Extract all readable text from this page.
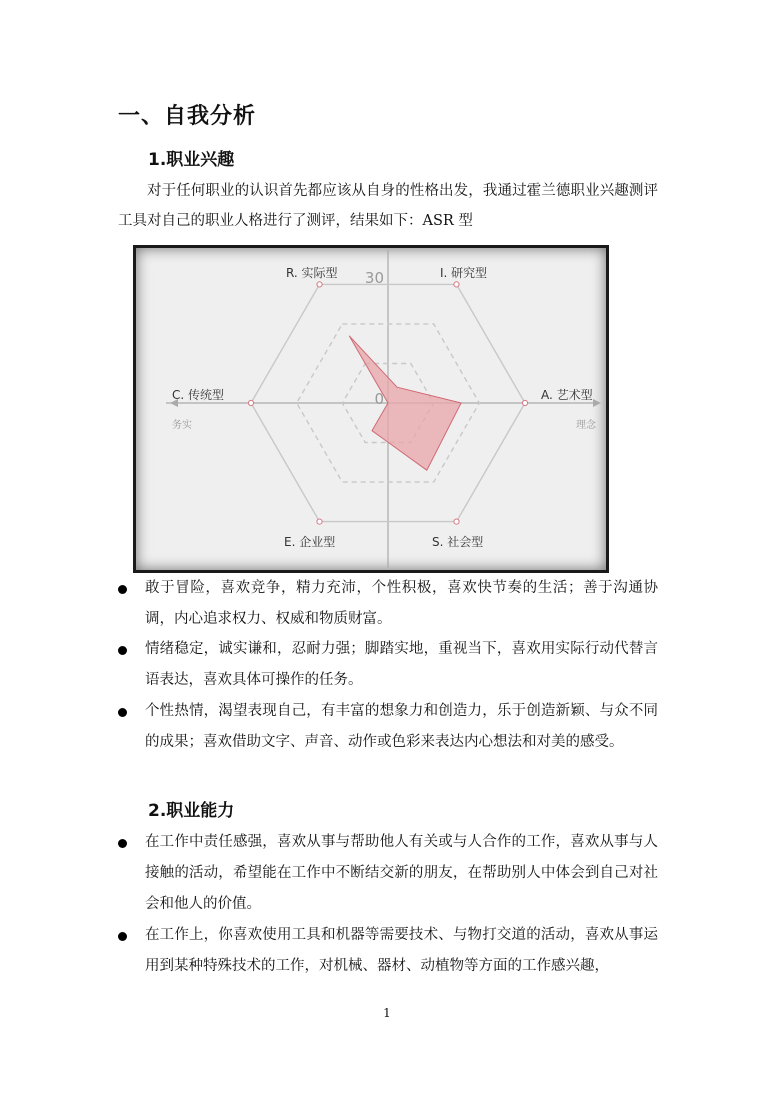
一、自我分析
1.职业兴趣
对于任何职业的认识首先都应该从自身的性格出发，我通过霍兰德职业兴趣测评工具对自己的职业人格进行了测评，结果如下：ASR 型
R. 实际型	I. 研究型
A. 艺术型
S. 社会型
E. 企业型
C. 传统型
30
0
务实	理念
敢于冒险，喜欢竞争，精力充沛，个性积极，喜欢快节奏的生活；善于沟通协调，内心追求权力、权威和物质财富。
情绪稳定，诚实谦和，忍耐力强；脚踏实地，重视当下，喜欢用实际行动代替言语表达，喜欢具体可操作的任务。
个性热情，渴望表现自己，有丰富的想象力和创造力，乐于创造新颖、与众不同的成果；喜欢借助文字、声音、动作或色彩来表达内心想法和对美的感受。
2.职业能力
在工作中责任感强，喜欢从事与帮助他人有关或与人合作的工作，喜欢从事与人接触的活动，希望能在工作中不断结交新的朋友，在帮助别人中体会到自己对社会和他人的价值。
在工作上，你喜欢使用工具和机器等需要技术、与物打交道的活动，喜欢从事运用到某种特殊技术的工作，对机械、器材、动植物等方面的工作感兴趣，
1
